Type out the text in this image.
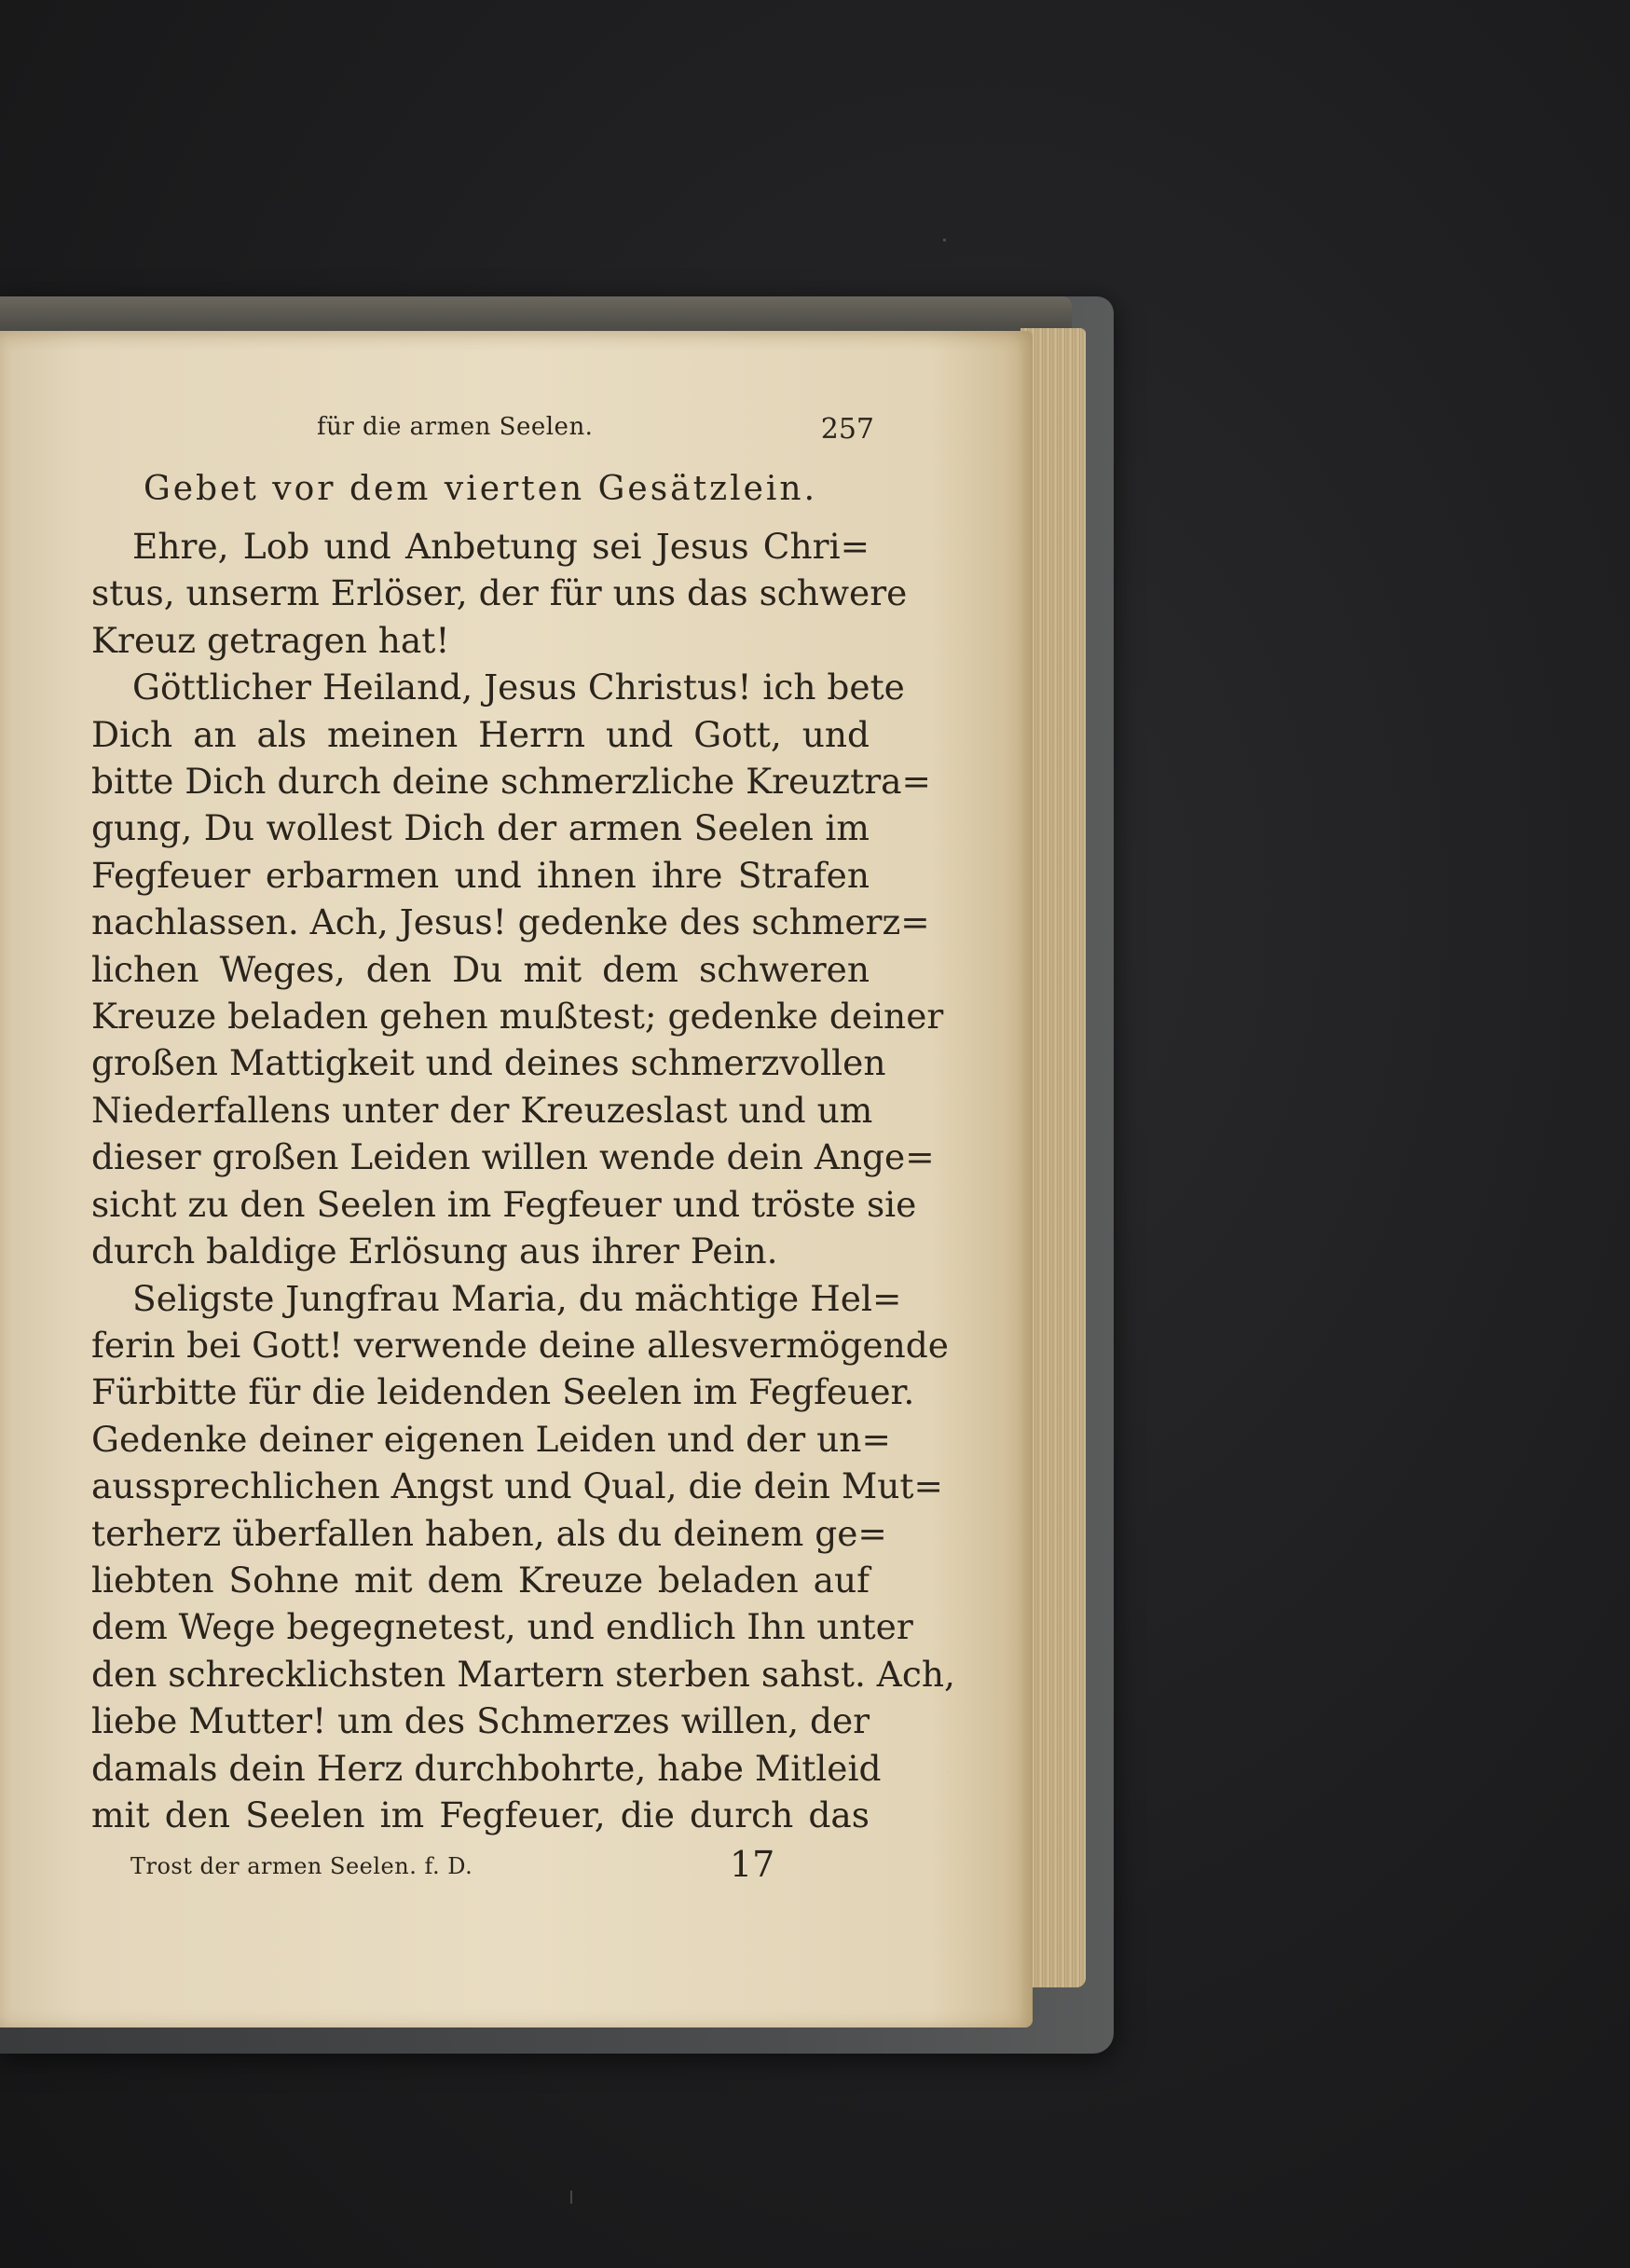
für die armen Seelen.	257
Gebet vor dem vierten Gesätzlein.
Ehre, Lob und Anbetung sei Jesus Chri=
stus, unserm Erlöser, der für uns das schwere
Kreuz getragen hat!
Göttlicher Heiland, Jesus Christus! ich bete
Dich an als meinen Herrn und Gott, und
bitte Dich durch deine schmerzliche Kreuztra=
gung, Du wollest Dich der armen Seelen im
Fegfeuer erbarmen und ihnen ihre Strafen
nachlassen. Ach, Jesus! gedenke des schmerz=
lichen Weges, den Du mit dem schweren
Kreuze beladen gehen mußtest; gedenke deiner
großen Mattigkeit und deines schmerzvollen
Niederfallens unter der Kreuzeslast und um
dieser großen Leiden willen wende dein Ange=
sicht zu den Seelen im Fegfeuer und tröste sie
durch baldige Erlösung aus ihrer Pein.
Seligste Jungfrau Maria, du mächtige Hel=
ferin bei Gott! verwende deine allesvermögende
Fürbitte für die leidenden Seelen im Fegfeuer.
Gedenke deiner eigenen Leiden und der un=
aussprechlichen Angst und Qual, die dein Mut=
terherz überfallen haben, als du deinem ge=
liebten Sohne mit dem Kreuze beladen auf
dem Wege begegnetest, und endlich Ihn unter
den schrecklichsten Martern sterben sahst. Ach,
liebe Mutter! um des Schmerzes willen, der
damals dein Herz durchbohrte, habe Mitleid
mit den Seelen im Fegfeuer, die durch das
Trost der armen Seelen. f. D.	17
